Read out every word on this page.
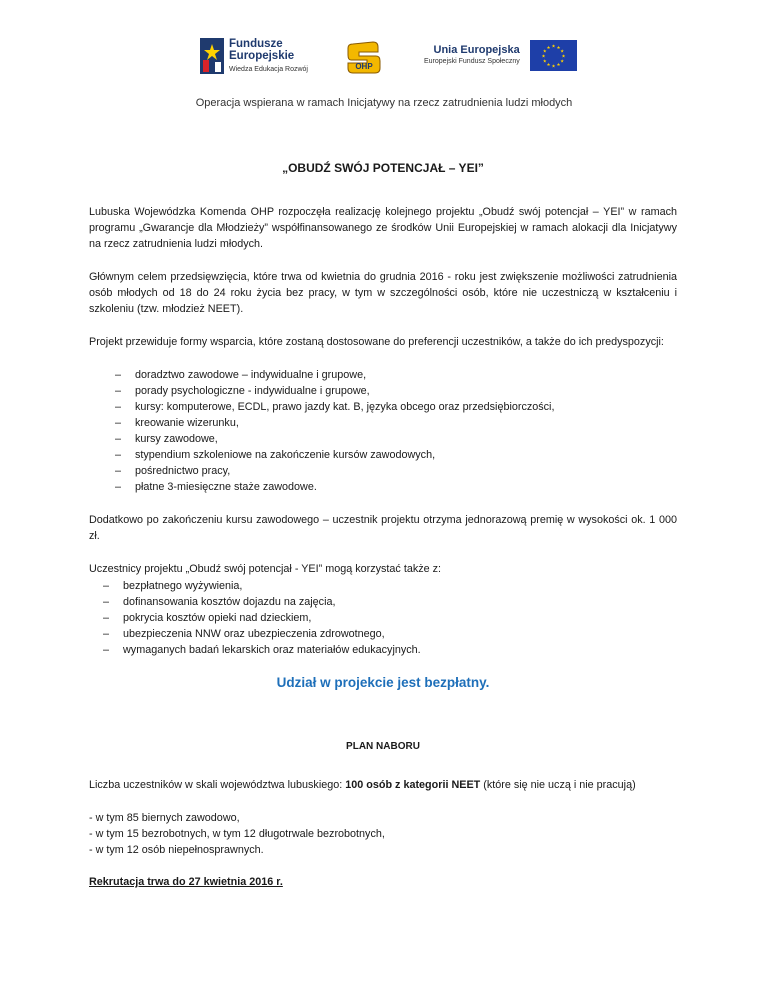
Fundusze
Europejskie
Wiedza Edukacja Rozwój	OHP
Unia Europejska
Europejski Fundusz Społeczny
★ ★
★
★
★
★
★
★
★
★
★
★
Operacja wspierana w ramach Inicjatywy na rzecz zatrudnienia ludzi młodych
„OBUDŹ SWÓJ POTENCJAŁ – YEI”

Lubuska Wojewódzka Komenda OHP rozpoczęła realizację kolejnego projektu „Obudź swój potencjał – YEI” w ramach programu „Gwarancje dla Młodzieży” współfinansowanego ze środków Unii Europejskiej w ramach alokacji dla Inicjatywy na rzecz zatrudnienia ludzi młodych.

Głównym celem przedsięwzięcia, które trwa od kwietnia do grudnia 2016 - roku jest zwiększenie możliwości zatrudnienia osób młodych od 18 do 24 roku życia bez pracy, w tym w szczególności osób, które nie uczestniczą w kształceniu i szkoleniu (tzw. młodzież NEET).

Projekt przewiduje formy wsparcia, które zostaną dostosowane do preferencji uczestników, a także do ich predyspozycji:

– doradztwo zawodowe – indywidualne i grupowe,
– porady psychologiczne - indywidualne i grupowe,
– kursy: komputerowe, ECDL, prawo jazdy kat. B, języka obcego oraz przedsiębiorczości,
– kreowanie wizerunku,
– kursy zawodowe,
– stypendium szkoleniowe na zakończenie kursów zawodowych,
– pośrednictwo pracy,
– płatne 3-miesięczne staże zawodowe.

Dodatkowo po zakończeniu kursu zawodowego – uczestnik projektu otrzyma jednorazową premię w wysokości ok. 1 000 zł.

Uczestnicy projektu „Obudź swój potencjał - YEI” mogą korzystać także z:

– bezpłatnego wyżywienia,
– dofinansowania kosztów dojazdu na zajęcia,
– pokrycia kosztów opieki nad dzieckiem,
– ubezpieczenia NNW oraz ubezpieczenia zdrowotnego,
– wymaganych badań lekarskich oraz materiałów edukacyjnych.
Udział w projekcie jest bezpłatny.
PLAN NABORU

Liczba uczestników w skali województwa lubuskiego: 100 osób z kategorii NEET (które się nie uczą i nie pracują)

- w tym 85 biernych zawodowo,
- w tym 15 bezrobotnych, w tym 12 długotrwale bezrobotnych,
- w tym 12 osób niepełnosprawnych.
Rekrutacja trwa do 27 kwietnia 2016 r.
